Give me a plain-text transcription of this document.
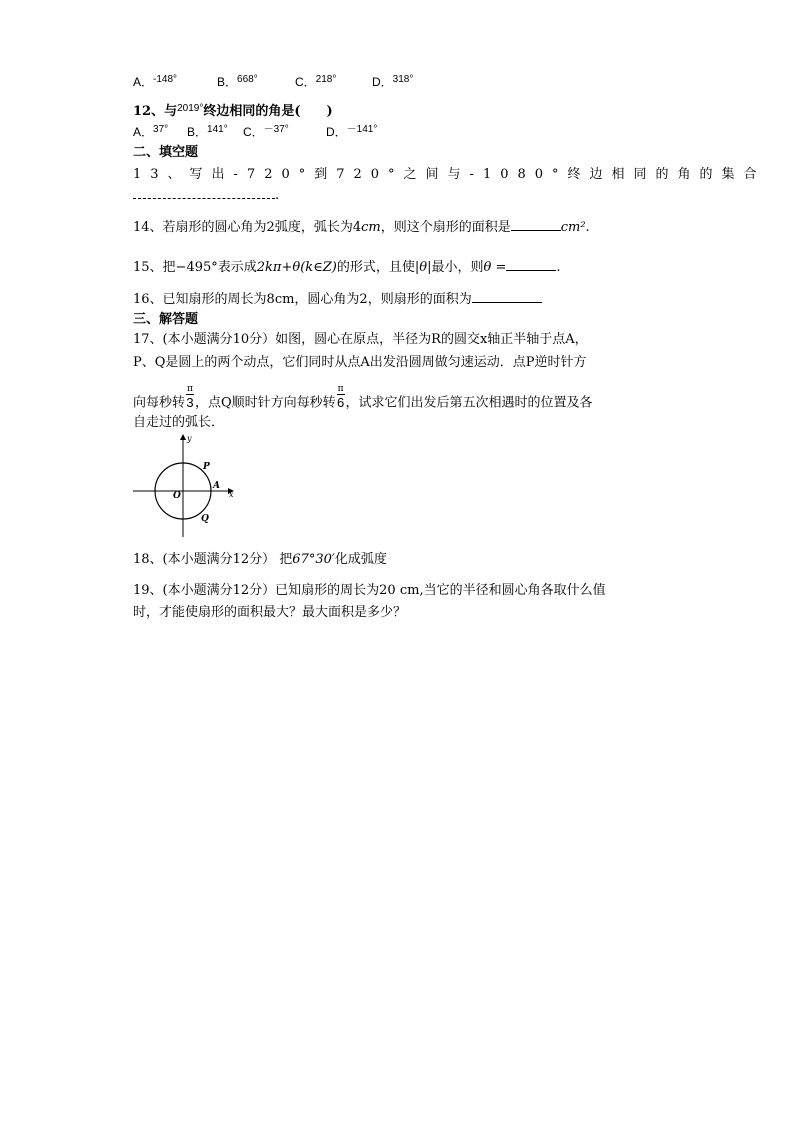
A．$^{-148^\circ}$	B．$^{668^\circ}$	C．$^{218^\circ}$	D．$^{318^\circ}$
12、与$^{2019^\circ}$终边相同的角是(　　)
A．$^{37^\circ}$ B．$^{141^\circ}$ C．$^{-37^\circ}$	D．$^{-141^\circ}$
二、填空题
13、写出-720°到720°之间与-1080°终边相同的角的集合
.
14、若扇形的圆心角为2弧度，弧长为4cm，则这个扇形的面积是	cm².
15、把−495°表示成2kπ+θ(k∈Z)的形式，且使|θ|最小，则θ =	.
16、已知扇形的周长为8cm，圆心角为2，则扇形的面积为
三、解答题
17、(本小题满分10分）如图，圆心在原点，半径为R的圆交x轴正半轴于点A，
P、Q是圆上的两个动点，它们同时从点A出发沿圆周做匀速运动．点P逆时针方
向每秒转 $\frac{\pi}{3}$ ，点Q顺时针方向每秒转 $\frac{\pi}{6}$ ，试求它们出发后第五次相遇时的位置及各
自走过的弧长．
y
x
O
A
P
Q
18、(本小题满分12分） 把67°30′化成弧度
19、(本小题满分12分）已知扇形的周长为20 cm,当它的半径和圆心角各取什么值
时，才能使扇形的面积最大？最大面积是多少？
